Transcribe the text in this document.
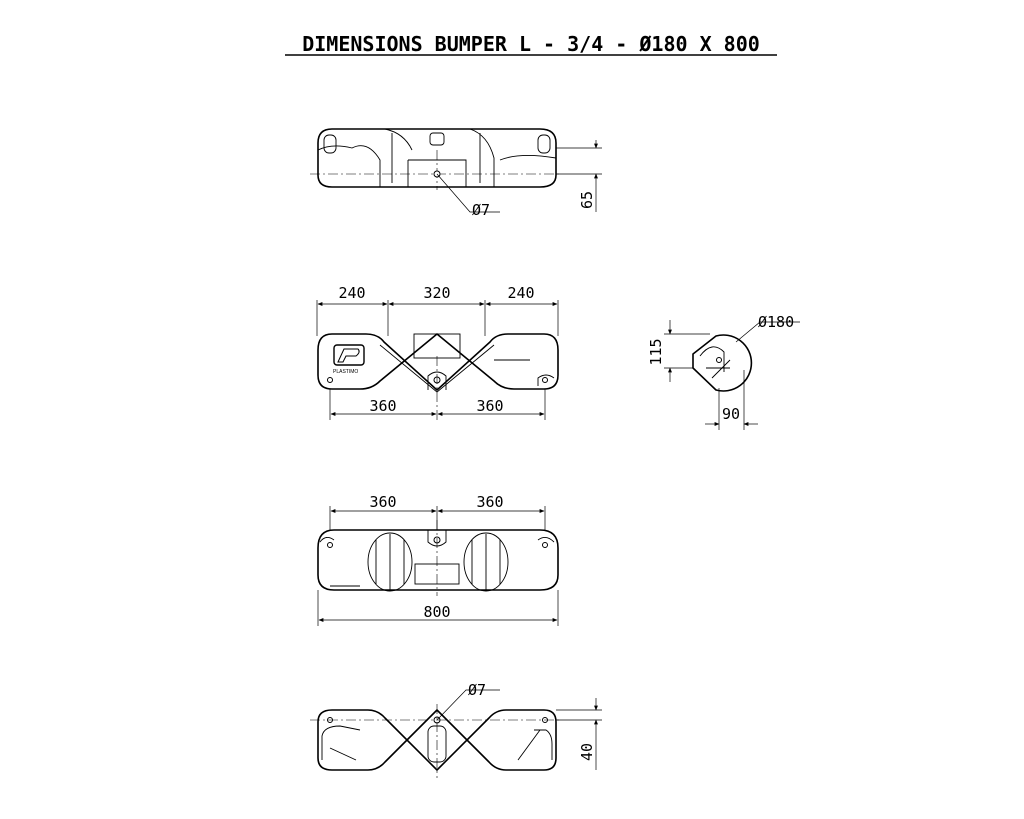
DIMENSIONS BUMPER L - 3/4 - Ø180 X 800
Ø7
65
240	320	240
PLASTIMO
360	360
Ø180
115
90
360	360
800
Ø7
40
